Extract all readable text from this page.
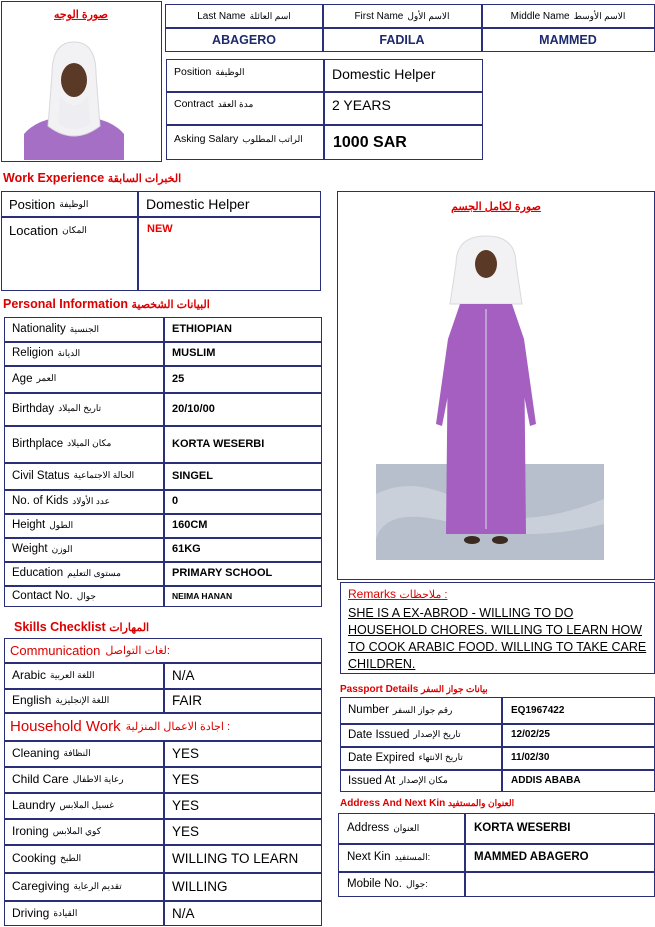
صورة الوجه	Last Name اسم العائلة	First Name الاسم الأول	Middle Name الاسم الأوسط
ABAGERO	FADILA	MAMMED
Position الوظيفة	Domestic Helper
Contract مدة العقد	2 YEARS
Asking Salary الراتب المطلوب 1000 SAR
Work Experience الخبرات السابقة
Position الوظيفة	Domestic Helper
Location المكان	NEW
صورة لكامل الجسم
Personal Information البيانات الشخصية
Nationality الجنسية	ETHIOPIAN
Religion الديانة	MUSLIM
Age العمر	25
Birthday تاريخ الميلاد	20/10/00
Birthplace مكان الميلاد	KORTA WESERBI
Civil Status الحالة الاجتماعية	SINGEL
No. of Kids عدد الأولاد	0
Height الطول	160CM
Weight الوزن	61KG
Education مستوى التعليم	PRIMARY SCHOOL
Contact No. جوال	NEIMA HANAN	Remarks ملاحظات :
SHE IS A EX-ABROD - WILLING TO DO HOUSEHOLD CHORES. WILLING TO LEARN HOW TO COOK ARABIC FOOD. WILLING TO TAKE CARE CHILDREN.
Skills Checklist المهارات
Communication لغات التواصل:
Arabic اللغة العربية	N/A
English اللغة الإنجليزية	FAIR
Household Work اجادة الاعمال المنزلية :
Cleaning النظافة	YES
Child Care رعاية الاطفال	YES
Laundry غسيل الملابس	YES
Ironing كوي الملابس	YES
Cooking الطبخ	WILLING TO LEARN
Caregiving تقديم الرعاية	WILLING
Driving القيادة	N/A
Passport Details بيانات جواز السفر
Number رقم جواز السفر	EQ1967422
Date Issued تاريخ الإصدار	12/02/25
Date Expired تاريخ الانتهاء	11/02/30
Issued At مكان الإصدار	ADDIS ABABA
Address And Next Kin العنوان والمستفيد
Address العنوان	KORTA WESERBI
Next Kin المستفيد:	MAMMED ABAGERO
Mobile No. جوال:
